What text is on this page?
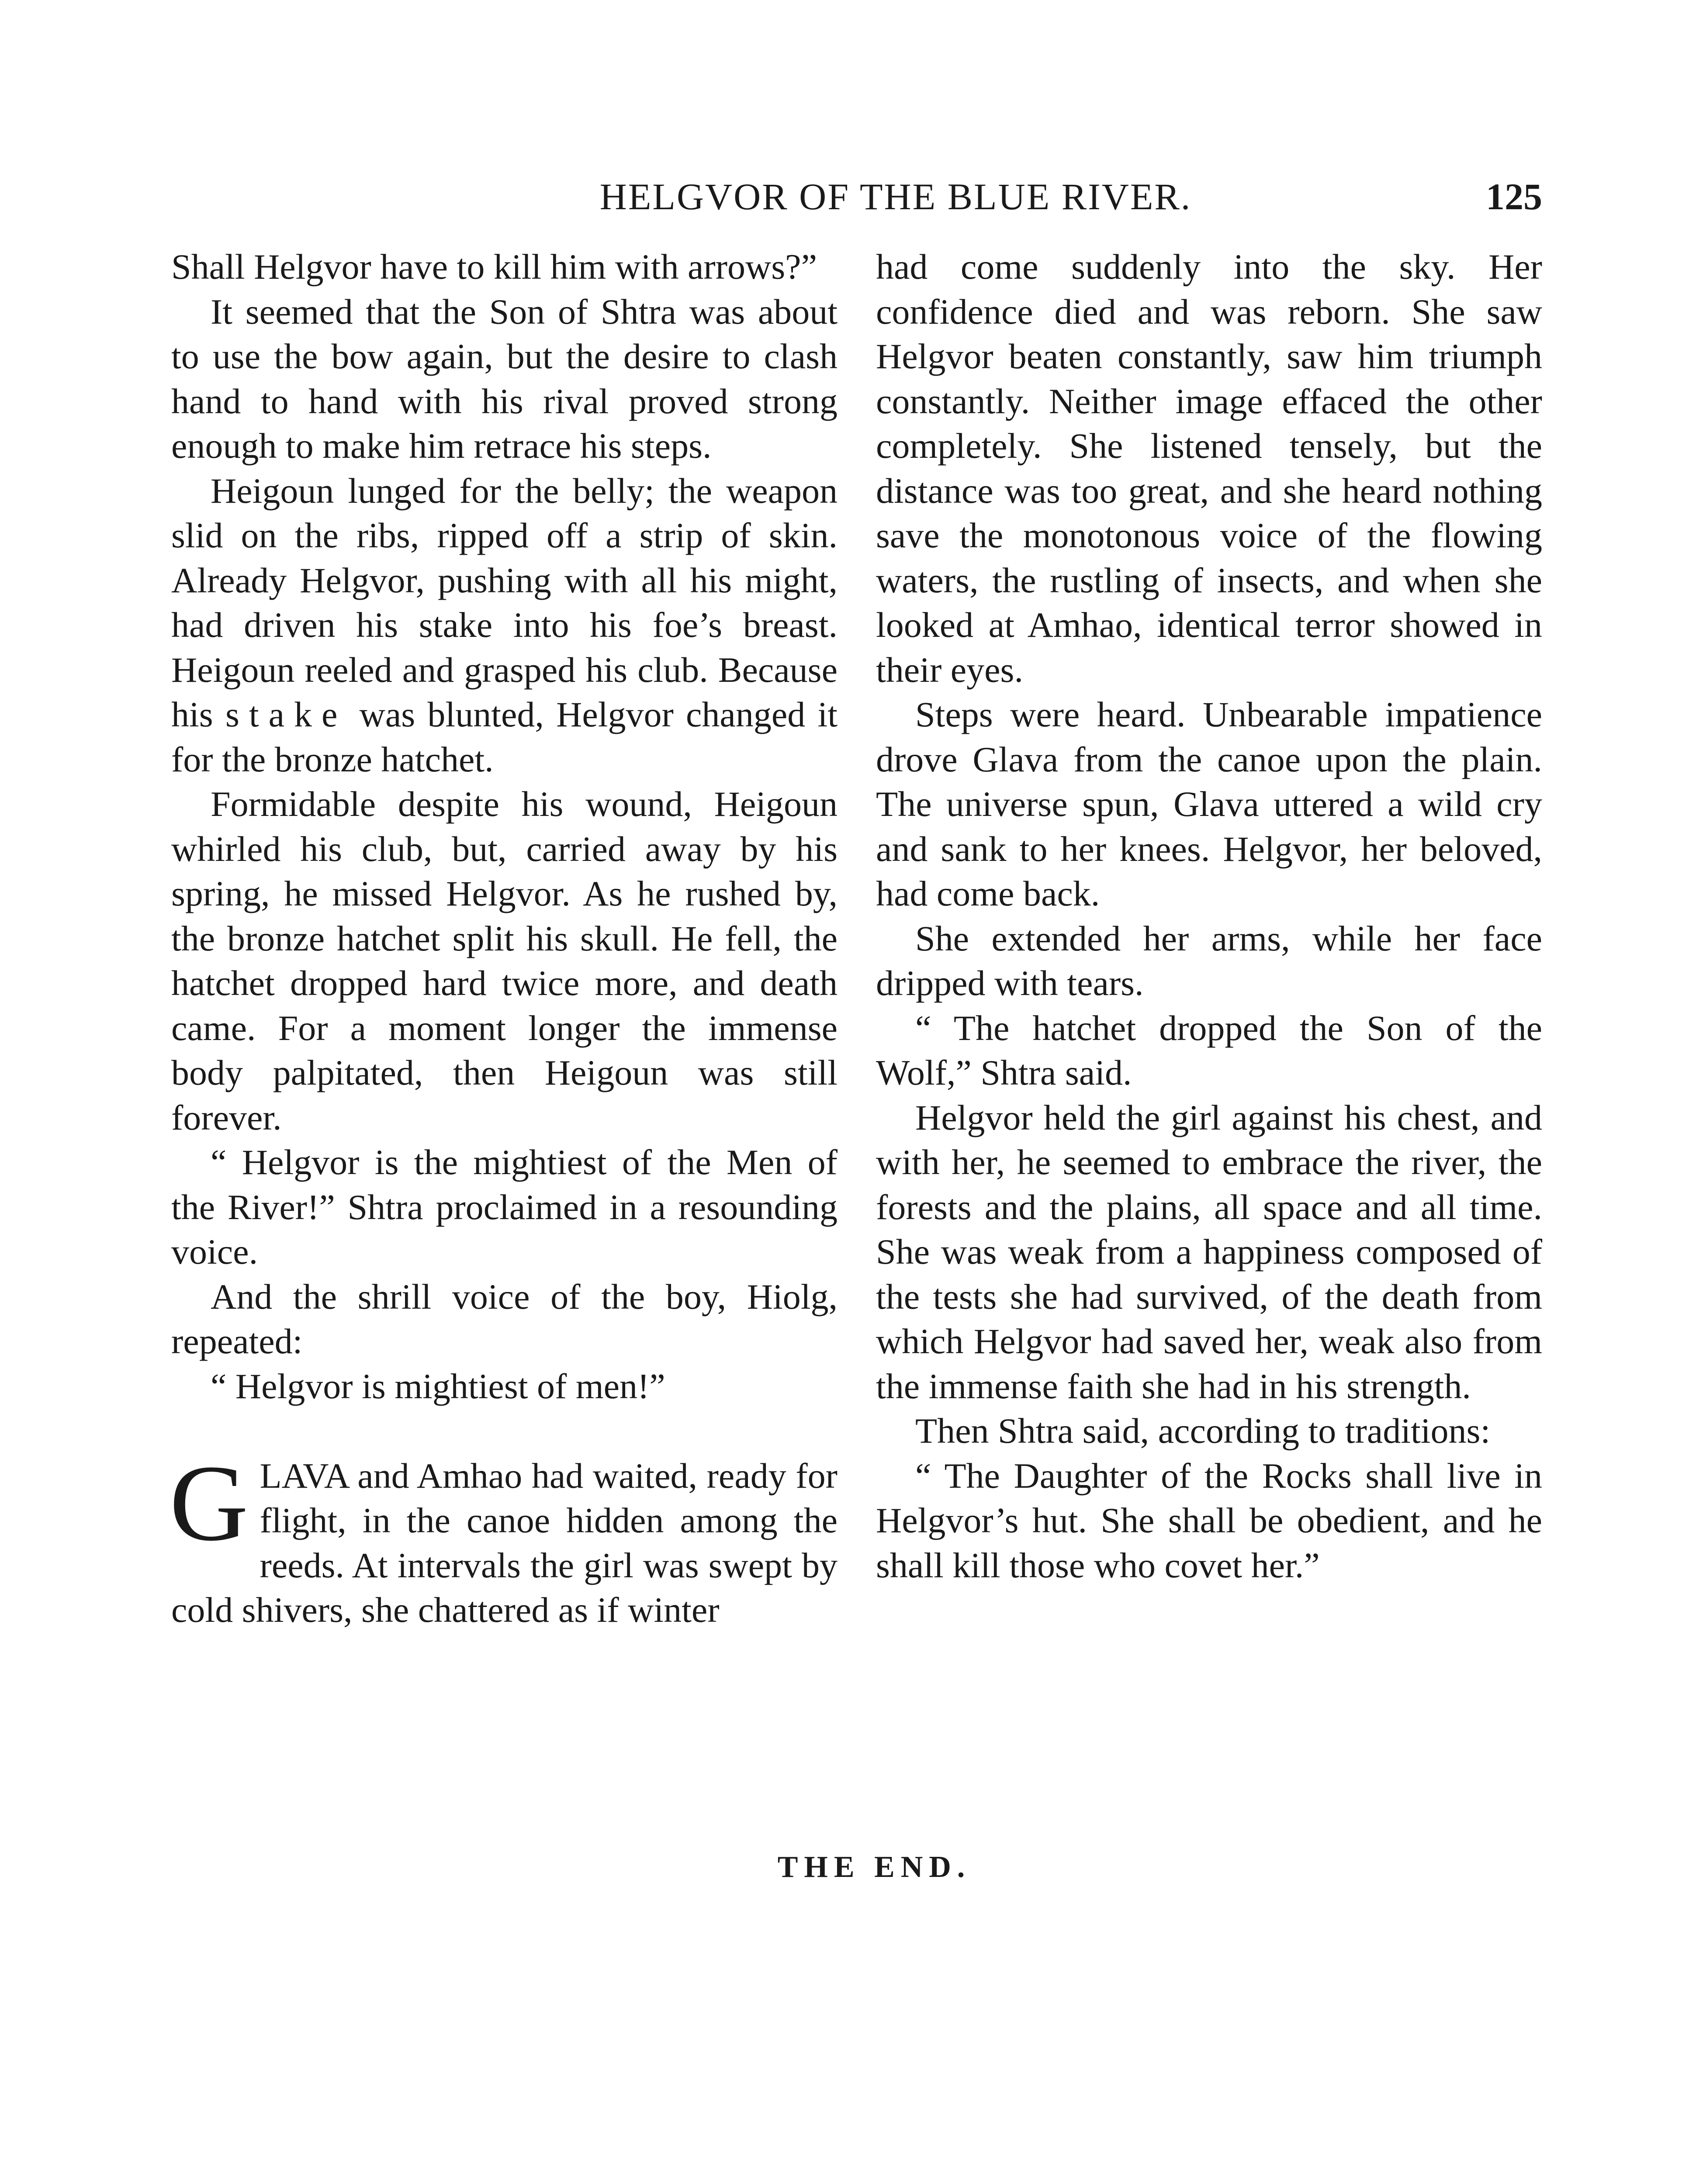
HELGVOR OF THE BLUE RIVER.	125

Shall Helgvor have to kill him with arrows?”

It seemed that the Son of Shtra was about to use the bow again, but the desire to clash hand to hand with his rival proved strong enough to make him retrace his steps.

Heigoun lunged for the belly; the weapon slid on the ribs, ripped off a strip of skin. Already Helgvor, pushing with all his might, had driven his stake into his foe’s breast. Heigoun reeled and grasped his club. Because his stake was blunted, Helgvor changed it for the bronze hatchet.

Formidable despite his wound, Heigoun whirled his club, but, carried away by his spring, he missed Helgvor. As he rushed by, the bronze hatchet split his skull. He fell, the hatchet dropped hard twice more, and death came. For a moment longer the immense body palpitated, then Heigoun was still forever.

“ Helgvor is the mightiest of the Men of the River!” Shtra proclaimed in a resounding voice.

And the shrill voice of the boy, Hiolg, repeated:

“ Helgvor is mightiest of men!”

GLAVA and Amhao had waited, ready for flight, in the canoe hidden among the reeds. At intervals the girl was swept by cold shivers, she chattered as if winter

had come suddenly into the sky. Her confidence died and was reborn. She saw Helgvor beaten constantly, saw him triumph constantly. Neither image effaced the other completely. She listened tensely, but the distance was too great, and she heard nothing save the monotonous voice of the flowing waters, the rustling of insects, and when she looked at Amhao, identical terror showed in their eyes.

Steps were heard. Unbearable impatience drove Glava from the canoe upon the plain. The universe spun, Glava uttered a wild cry and sank to her knees. Helgvor, her beloved, had come back.

She extended her arms, while her face dripped with tears.

“ The hatchet dropped the Son of the Wolf,” Shtra said.

Helgvor held the girl against his chest, and with her, he seemed to embrace the river, the forests and the plains, all space and all time. She was weak from a happiness composed of the tests she had survived, of the death from which Helgvor had saved her, weak also from the immense faith she had in his strength.

Then Shtra said, according to traditions:

“ The Daughter of the Rocks shall live in Helgvor’s hut. She shall be obedient, and he shall kill those who covet her.”

THE END.
